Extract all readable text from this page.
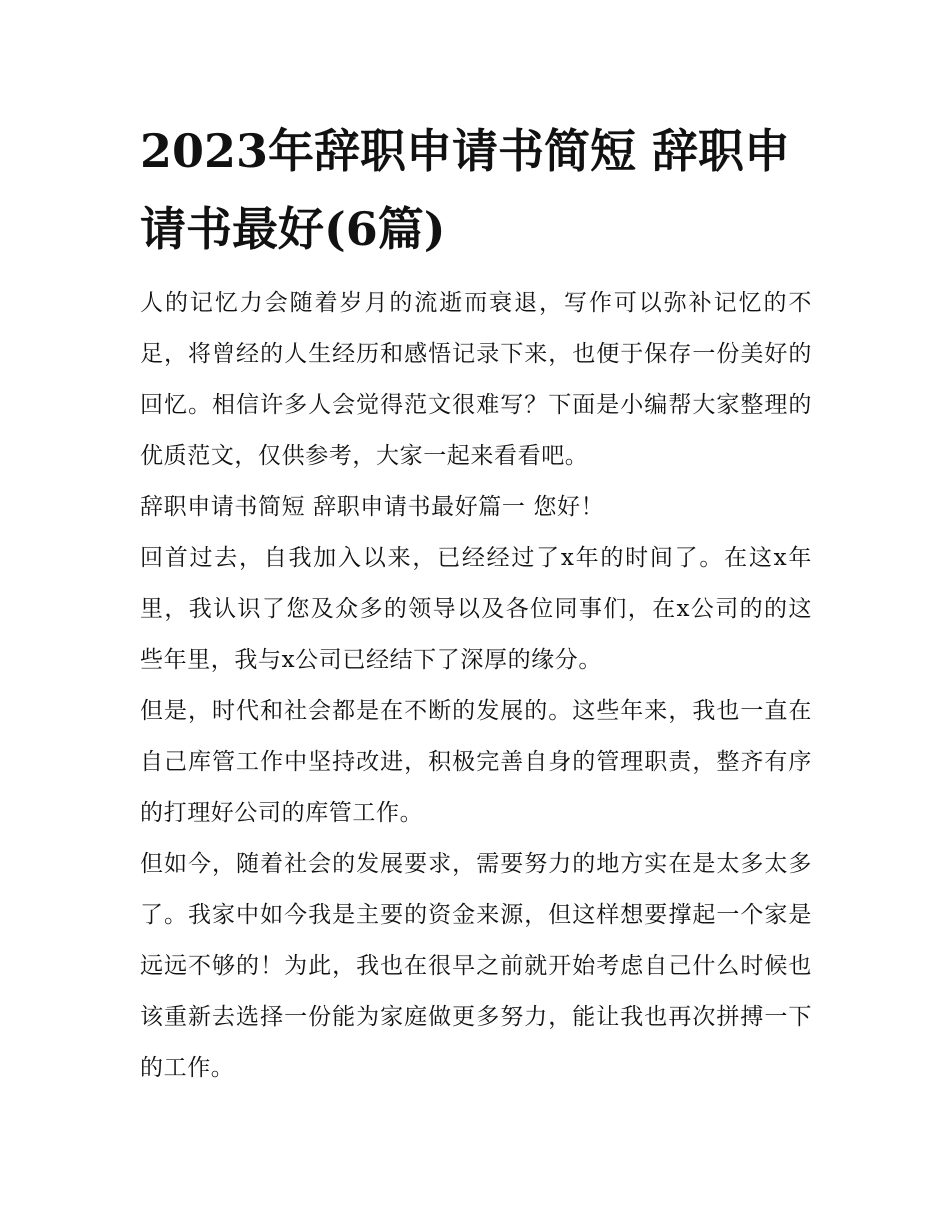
2023年辞职申请书简短 辞职申请书最好(6篇)

人的记忆力会随着岁月的流逝而衰退，写作可以弥补记忆的不足，将曾经的人生经历和感悟记录下来，也便于保存一份美好的回忆。相信许多人会觉得范文很难写？下面是小编帮大家整理的优质范文，仅供参考，大家一起来看看吧。

辞职申请书简短 辞职申请书最好篇一 您好！

回首过去，自我加入以来，已经经过了x年的时间了。在这x年里，我认识了您及众多的领导以及各位同事们，在x公司的的这些年里，我与x公司已经结下了深厚的缘分。

但是，时代和社会都是在不断的发展的。这些年来，我也一直在自己库管工作中坚持改进，积极完善自身的管理职责，整齐有序的打理好公司的库管工作。

但如今，随着社会的发展要求，需要努力的地方实在是太多太多了。我家中如今我是主要的资金来源，但这样想要撑起一个家是远远不够的！为此，我也在很早之前就开始考虑自己什么时候也该重新去选择一份能为家庭做更多努力，能让我也再次拼搏一下的工作。
